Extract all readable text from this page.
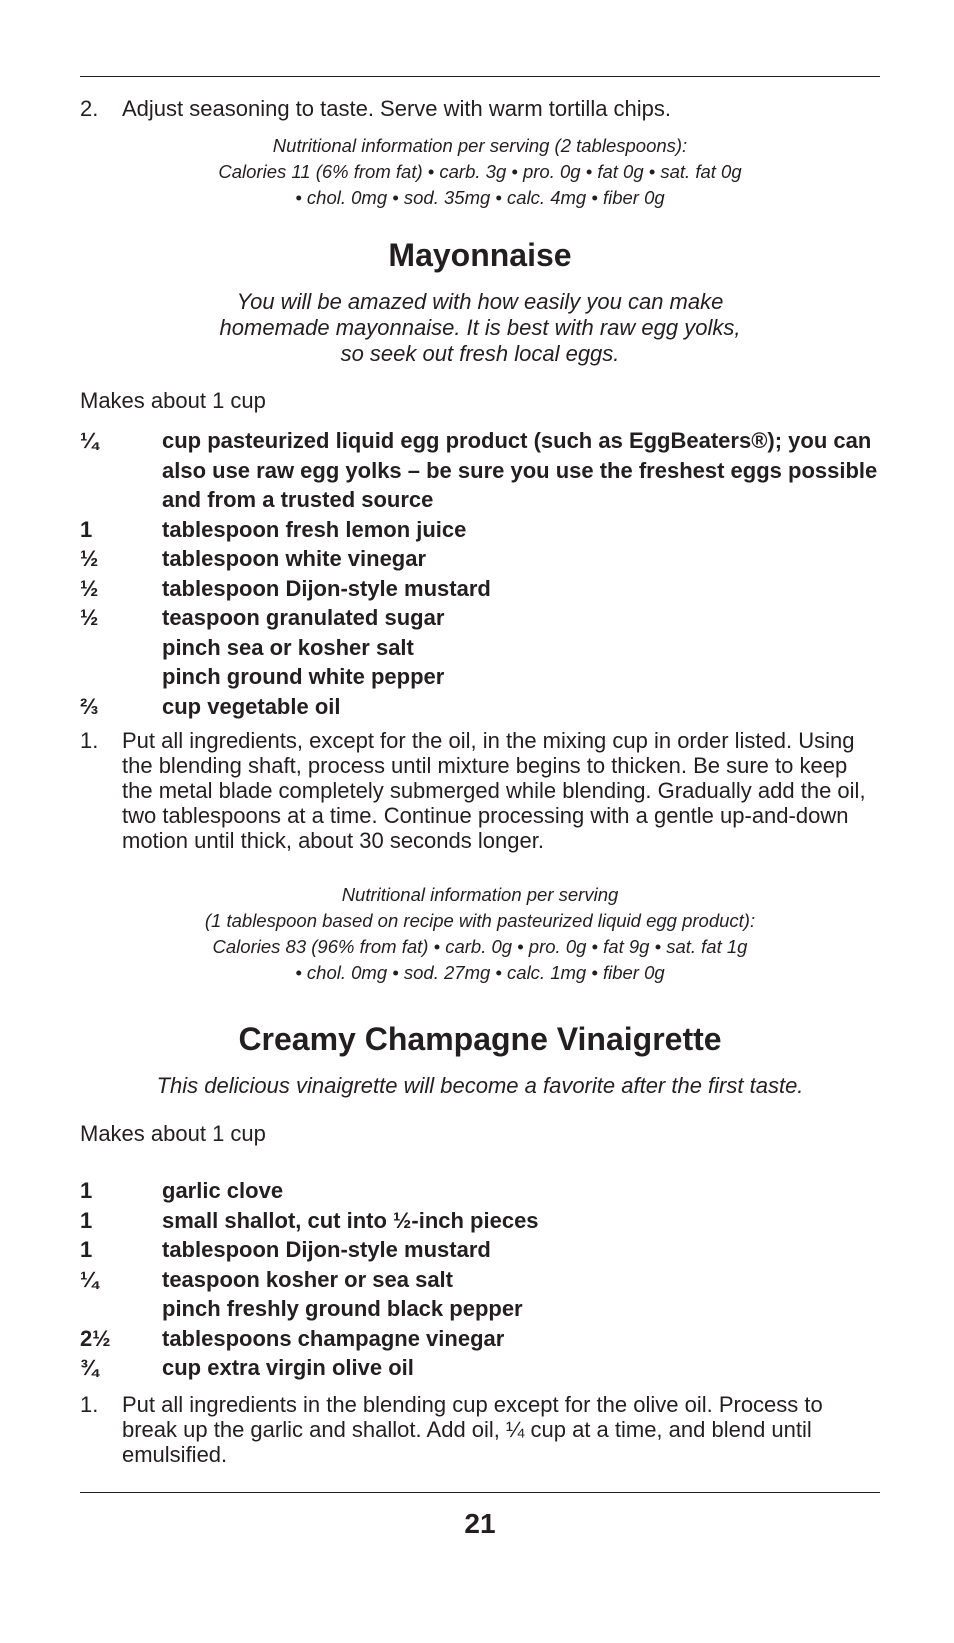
2. Adjust seasoning to taste. Serve with warm tortilla chips.
Nutritional information per serving (2 tablespoons):
Calories 11 (6% from fat) • carb. 3g • pro. 0g • fat 0g • sat. fat 0g
• chol. 0mg • sod. 35mg • calc. 4mg • fiber 0g
Mayonnaise
You will be amazed with how easily you can make
homemade mayonnaise. It is best with raw egg yolks,
so seek out fresh local eggs.
Makes about 1 cup
¼	cup pasteurized liquid egg product (such as EggBeaters®); you can also use raw egg yolks – be sure you use the freshest eggs possible and from a trusted source
1	tablespoon fresh lemon juice
½	tablespoon white vinegar
½	tablespoon Dijon-style mustard
½	teaspoon granulated sugar
pinch sea or kosher salt
pinch ground white pepper
⅔	cup vegetable oil
1. Put all ingredients, except for the oil, in the mixing cup in order listed. Using the blending shaft, process until mixture begins to thicken. Be sure to keep the metal blade completely submerged while blending. Gradually add the oil, two tablespoons at a time. Continue processing with a gentle up-and-down motion until thick, about 30 seconds longer.
Nutritional information per serving
(1 tablespoon based on recipe with pasteurized liquid egg product):
Calories 83 (96% from fat) • carb. 0g • pro. 0g • fat 9g • sat. fat 1g
• chol. 0mg • sod. 27mg • calc. 1mg • fiber 0g
Creamy Champagne Vinaigrette
This delicious vinaigrette will become a favorite after the first taste.
Makes about 1 cup
1	garlic clove
1	small shallot, cut into ½-inch pieces
1	tablespoon Dijon-style mustard
¼	teaspoon kosher or sea salt
pinch freshly ground black pepper
2½ tablespoons champagne vinegar
¾	cup extra virgin olive oil
1. Put all ingredients in the blending cup except for the olive oil. Process to break up the garlic and shallot. Add oil, ¼ cup at a time, and blend until emulsified.
21
